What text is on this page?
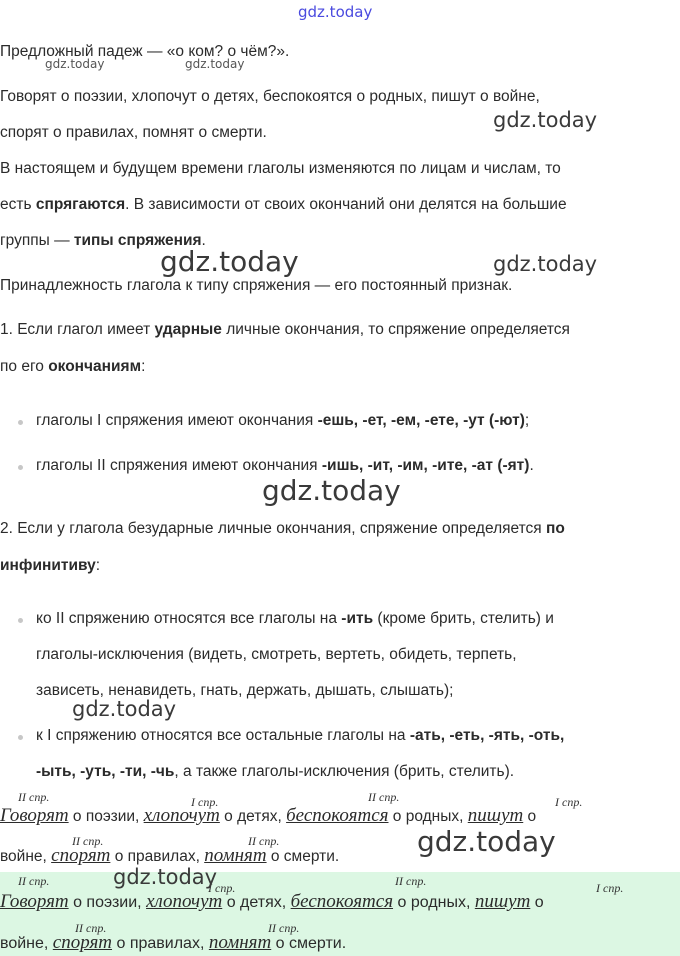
gdz.today
gdz.today	gdz.today
gdz.today
gdz.today	gdz.today
gdz.today
gdz.today
gdz.today
gdz.today
Предложный падеж — «о ком? о чём?».
Говорят о поэзии, хлопочут о детях, беспокоятся о родных, пишут о войне,
спорят о правилах, помнят о смерти.
В настоящем и будущем времени глаголы изменяются по лицам и числам, то
есть спрягаются. В зависимости от своих окончаний они делятся на большие
группы — типы спряжения.
Принадлежность глагола к типу спряжения — его постоянный признак.
1. Если глагол имеет ударные личные окончания, то спряжение определяется
по его окончаниям:
глаголы I спряжения имеют окончания -ешь, -ет, -ем, -ете, -ут (-ют);
глаголы II спряжения имеют окончания -ишь, -ит, -им, -ите, -ат (-ят).
2. Если у глагола безударные личные окончания, спряжение определяется по
инфинитиву:
ко II спряжению относятся все глаголы на -ить (кроме брить, стелить) и
глаголы-исключения (видеть, смотреть, вертеть, обидеть, терпеть,
зависеть, ненавидеть, гнать, держать, дышать, слышать);
к I спряжению относятся все остальные глаголы на -ать, -еть, -ять, -оть,
-ыть, -уть, -ти, -чь, а также глаголы-исключения (брить, стелить).
II спр.	I спр.	II спр.	I спр.
Говорят о поэзии, хлопочут о детях, беспокоятся о родных, пишут о
II спр.	II спр.
войне, спорят о правилах, помнят о смерти.
II спр.	I спр.	II спр.	I спр.
Говорят о поэзии, хлопочут о детях, беспокоятся о родных, пишут о
II спр.	II спр.
войне, спорят о правилах, помнят о смерти.
